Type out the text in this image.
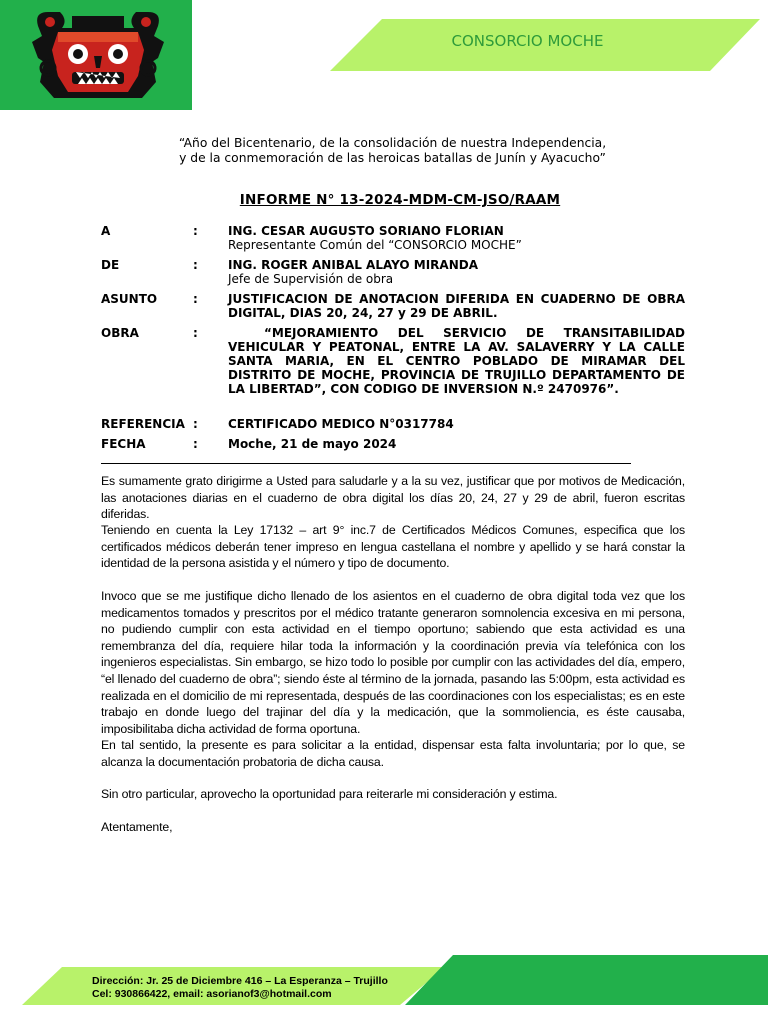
CONSORCIO MOCHE
“Año del Bicentenario, de la consolidación de nuestra Independencia,
y de la conmemoración de las heroicas batallas de Junín y Ayacucho”
INFORME N° 13-2024-MDM-CM-JSO/RAAM
A	:	ING. CESAR AUGUSTO SORIANO FLORIAN
Representante Común del “CONSORCIO MOCHE”
DE	:	ING. ROGER ANIBAL ALAYO MIRANDA
Jefe de Supervisión de obra
ASUNTO	:	JUSTIFICACION DE ANOTACION DIFERIDA EN CUADERNO DE OBRA DIGITAL, DIAS 20, 24, 27 y 29 DE ABRIL.
OBRA	:	“MEJORAMIENTO DEL SERVICIO DE TRANSITABILIDAD VEHICULAR Y PEATONAL, ENTRE LA AV. SALAVERRY Y LA CALLE SANTA MARIA, EN EL CENTRO POBLADO DE MIRAMAR DEL DISTRITO DE MOCHE, PROVINCIA DE TRUJILLO DEPARTAMENTO DE LA LIBERTAD”, CON CODIGO DE INVERSION N.º 2470976”.
REFERENCIA :	CERTIFICADO MEDICO N°0317784
FECHA	:	Moche, 21 de mayo 2024
Es sumamente grato dirigirme a Usted para saludarle y a la su vez, justificar que por motivos de Medicación, las anotaciones diarias en el cuaderno de obra digital los días 20, 24, 27 y 29 de abril, fueron escritas diferidas.
Teniendo en cuenta la Ley 17132 – art 9° inc.7 de Certificados Médicos Comunes, especifica que los certificados médicos deberán tener impreso en lengua castellana el nombre y apellido y se hará constar la identidad de la persona asistida y el número y tipo de documento.
Invoco que se me justifique dicho llenado de los asientos en el cuaderno de obra digital toda vez que los medicamentos tomados y prescritos por el médico tratante generaron somnolencia excesiva en mi persona, no pudiendo cumplir con esta actividad en el tiempo oportuno; sabiendo que esta actividad es una remembranza del día, requiere hilar toda la información y la coordinación previa vía telefónica con los ingenieros especialistas. Sin embargo, se hizo todo lo posible por cumplir con las actividades del día, empero, “el llenado del cuaderno de obra”; siendo éste al término de la jornada, pasando las 5:00pm, esta actividad es realizada en el domicilio de mi representada, después de las coordinaciones con los especialistas; es en este trabajo en donde luego del trajinar del día y la medicación, que la sommoliencia, es éste causaba, imposibilitaba dicha actividad de forma oportuna.
En tal sentido, la presente es para solicitar a la entidad, dispensar esta falta involuntaria; por lo que, se alcanza la documentación probatoria de dicha causa.
Sin otro particular, aprovecho la oportunidad para reiterarle mi consideración y estima.
Atentamente,
Dirección: Jr. 25 de Diciembre 416 – La Esperanza – Trujillo
Cel: 930866422, email: asorianof3@hotmail.com
